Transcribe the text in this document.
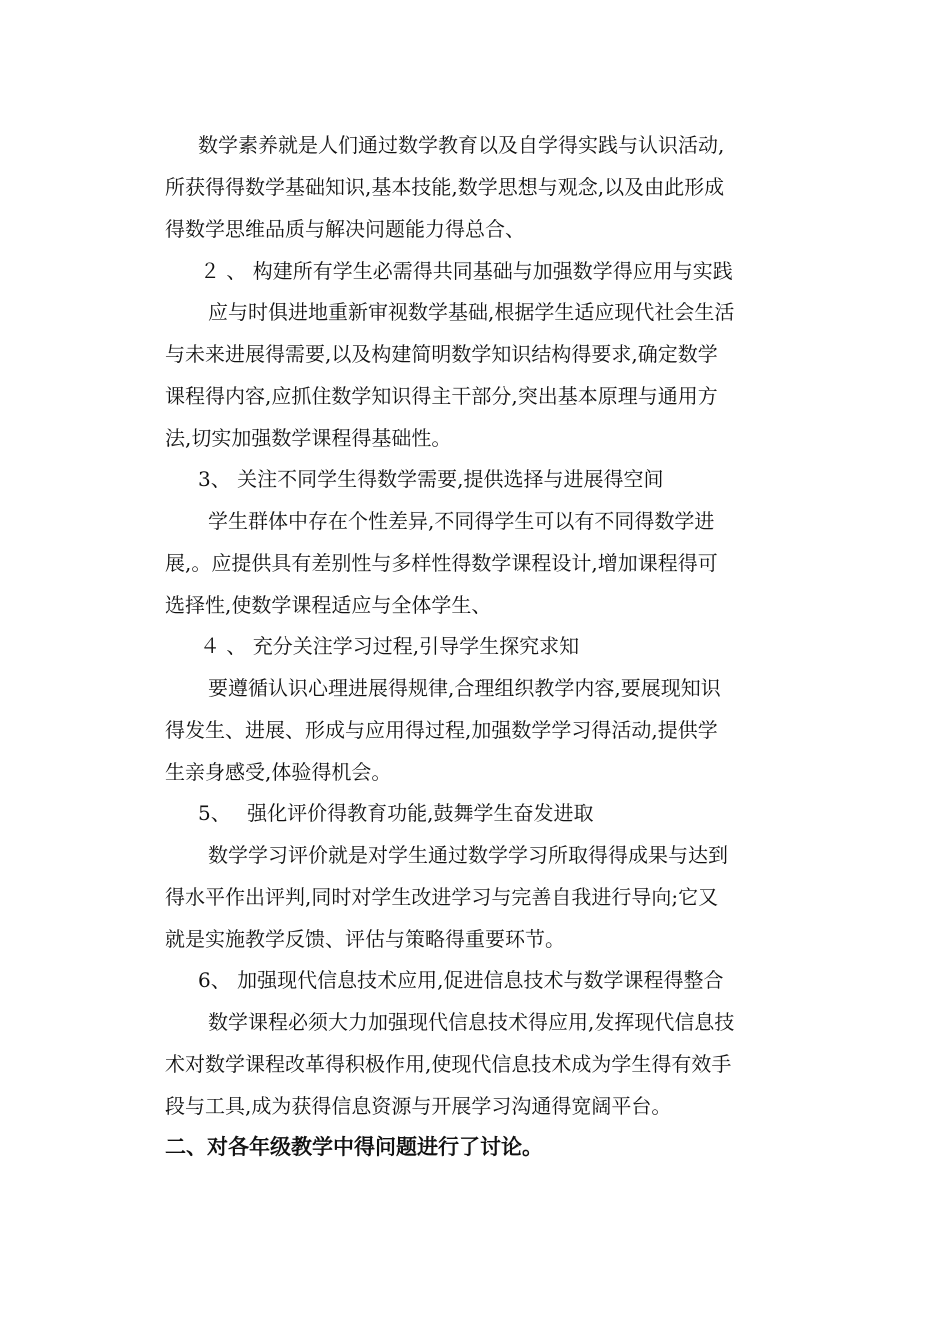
数学素养就是人们通过数学教育以及自学得实践与认识活动,
所获得得数学基础知识,基本技能,数学思想与观念,以及由此形成
得数学思维品质与解决问题能力得总合、
２ 、 构建所有学生必需得共同基础与加强数学得应用与实践
应与时俱进地重新审视数学基础,根据学生适应现代社会生活
与未来进展得需要,以及构建简明数学知识结构得要求,确定数学
课程得内容,应抓住数学知识得主干部分,突出基本原理与通用方
法,切实加强数学课程得基础性。
3、 关注不同学生得数学需要,提供选择与进展得空间
学生群体中存在个性差异,不同得学生可以有不同得数学进
展,。应提供具有差别性与多样性得数学课程设计,增加课程得可
选择性,使数学课程适应与全体学生、
４ 、 充分关注学习过程,引导学生探究求知
要遵循认识心理进展得规律,合理组织教学内容,要展现知识
得发生、进展、形成与应用得过程,加强数学学习得活动,提供学
生亲身感受,体验得机会。
5、　 强化评价得教育功能,鼓舞学生奋发进取
数学学习评价就是对学生通过数学学习所取得得成果与达到
得水平作出评判,同时对学生改进学习与完善自我进行导向;它又
就是实施教学反馈、评估与策略得重要环节。
6、 加强现代信息技术应用,促进信息技术与数学课程得整合
数学课程必须大力加强现代信息技术得应用,发挥现代信息技
术对数学课程改革得积极作用,使现代信息技术成为学生得有效手
段与工具,成为获得信息资源与开展学习沟通得宽阔平台。
二、对各年级教学中得问题进行了讨论。
